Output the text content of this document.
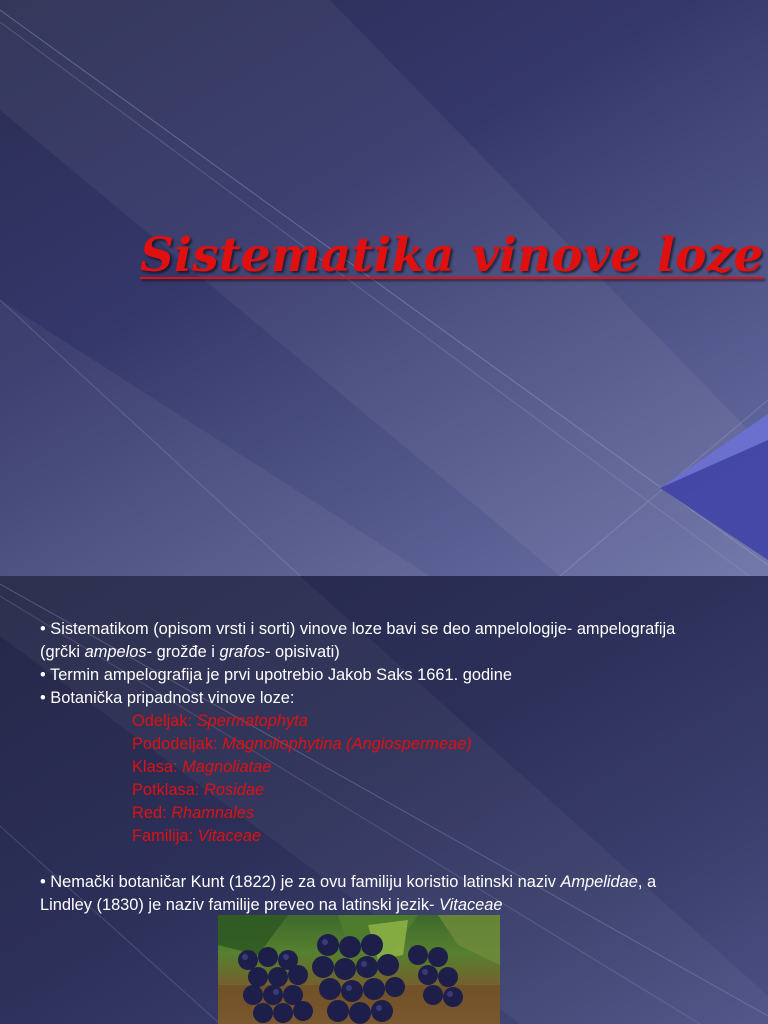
Sistematika vinove loze

• Sistematikom (opisom vrsti i sorti) vinove loze bavi se deo ampelologije- ampelografija

(grčki ampelos- grožđe i grafos- opisivati)

• Termin ampelografija je prvi upotrebio Jakob Saks 1661. godine

• Botanička pripadnost vinove loze:

Odeljak: Spermatophyta
Pododeljak: Magnoliophytina (Angiospermeae)
Klasa: Magnoliatae
Potklasa: Rosidae
Red: Rhamnales
Familija: Vitaceae

• Nemački botaničar Kunt (1822) je za ovu familiju koristio latinski naziv Ampelidae, a

Lindley (1830) je naziv familije preveo na latinski jezik- Vitaceae
